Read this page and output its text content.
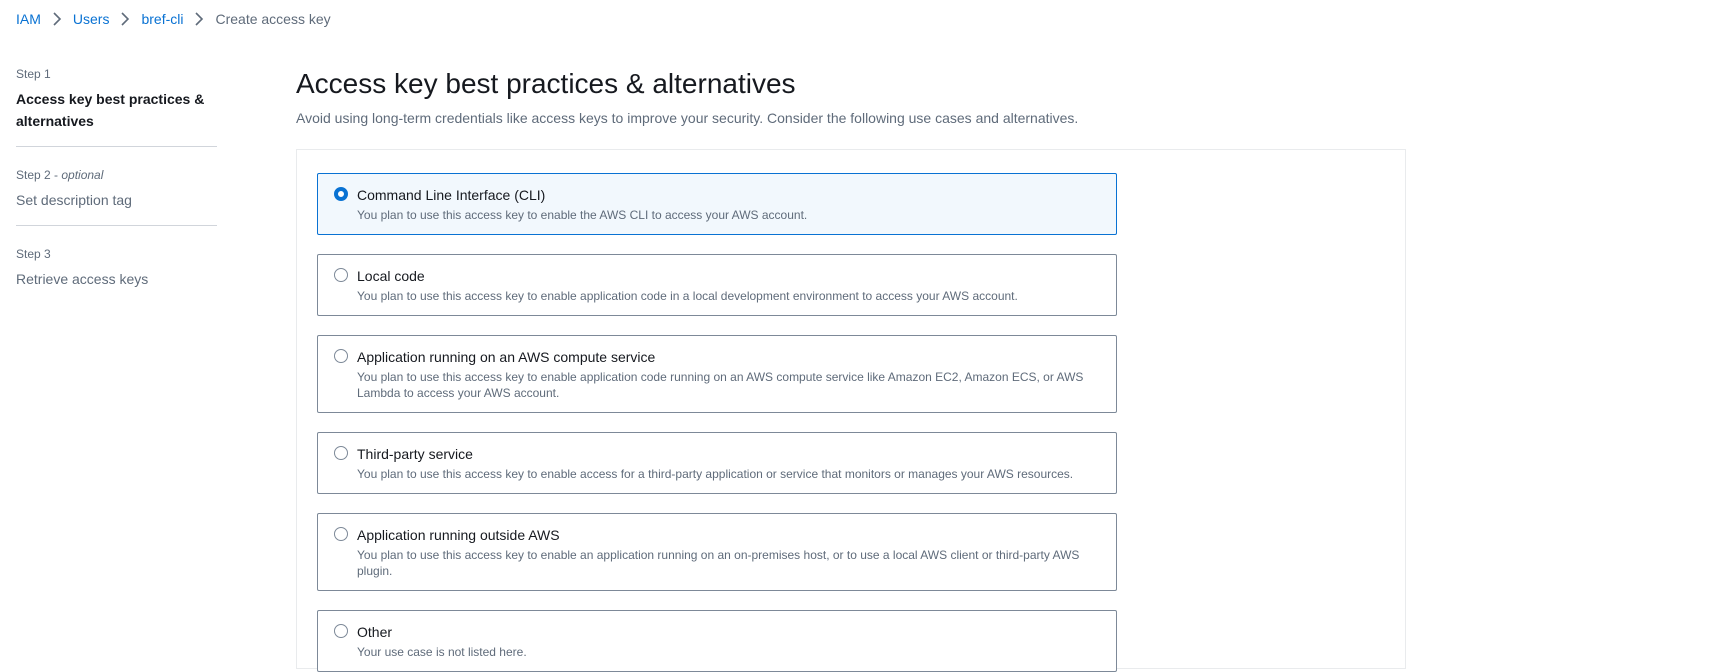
IAM Users bref-cli Create access key
Step 1
Access key best practices & alternatives
Step 2 - optional
Set description tag
Step 3
Retrieve access keys
Access key best practices & alternatives

Avoid using long-term credentials like access keys to improve your security. Consider the following use cases and alternatives.

Command Line Interface (CLI)
You plan to use this access key to enable the AWS CLI to access your AWS account.
Local code
You plan to use this access key to enable application code in a local development environment to access your AWS account.
Application running on an AWS compute service
You plan to use this access key to enable application code running on an AWS compute service like Amazon EC2, Amazon ECS, or AWS Lambda to access your AWS account.
Third-party service
You plan to use this access key to enable access for a third-party application or service that monitors or manages your AWS resources.
Application running outside AWS
You plan to use this access key to enable an application running on an on-premises host, or to use a local AWS client or third-party AWS plugin.
Other
Your use case is not listed here.
